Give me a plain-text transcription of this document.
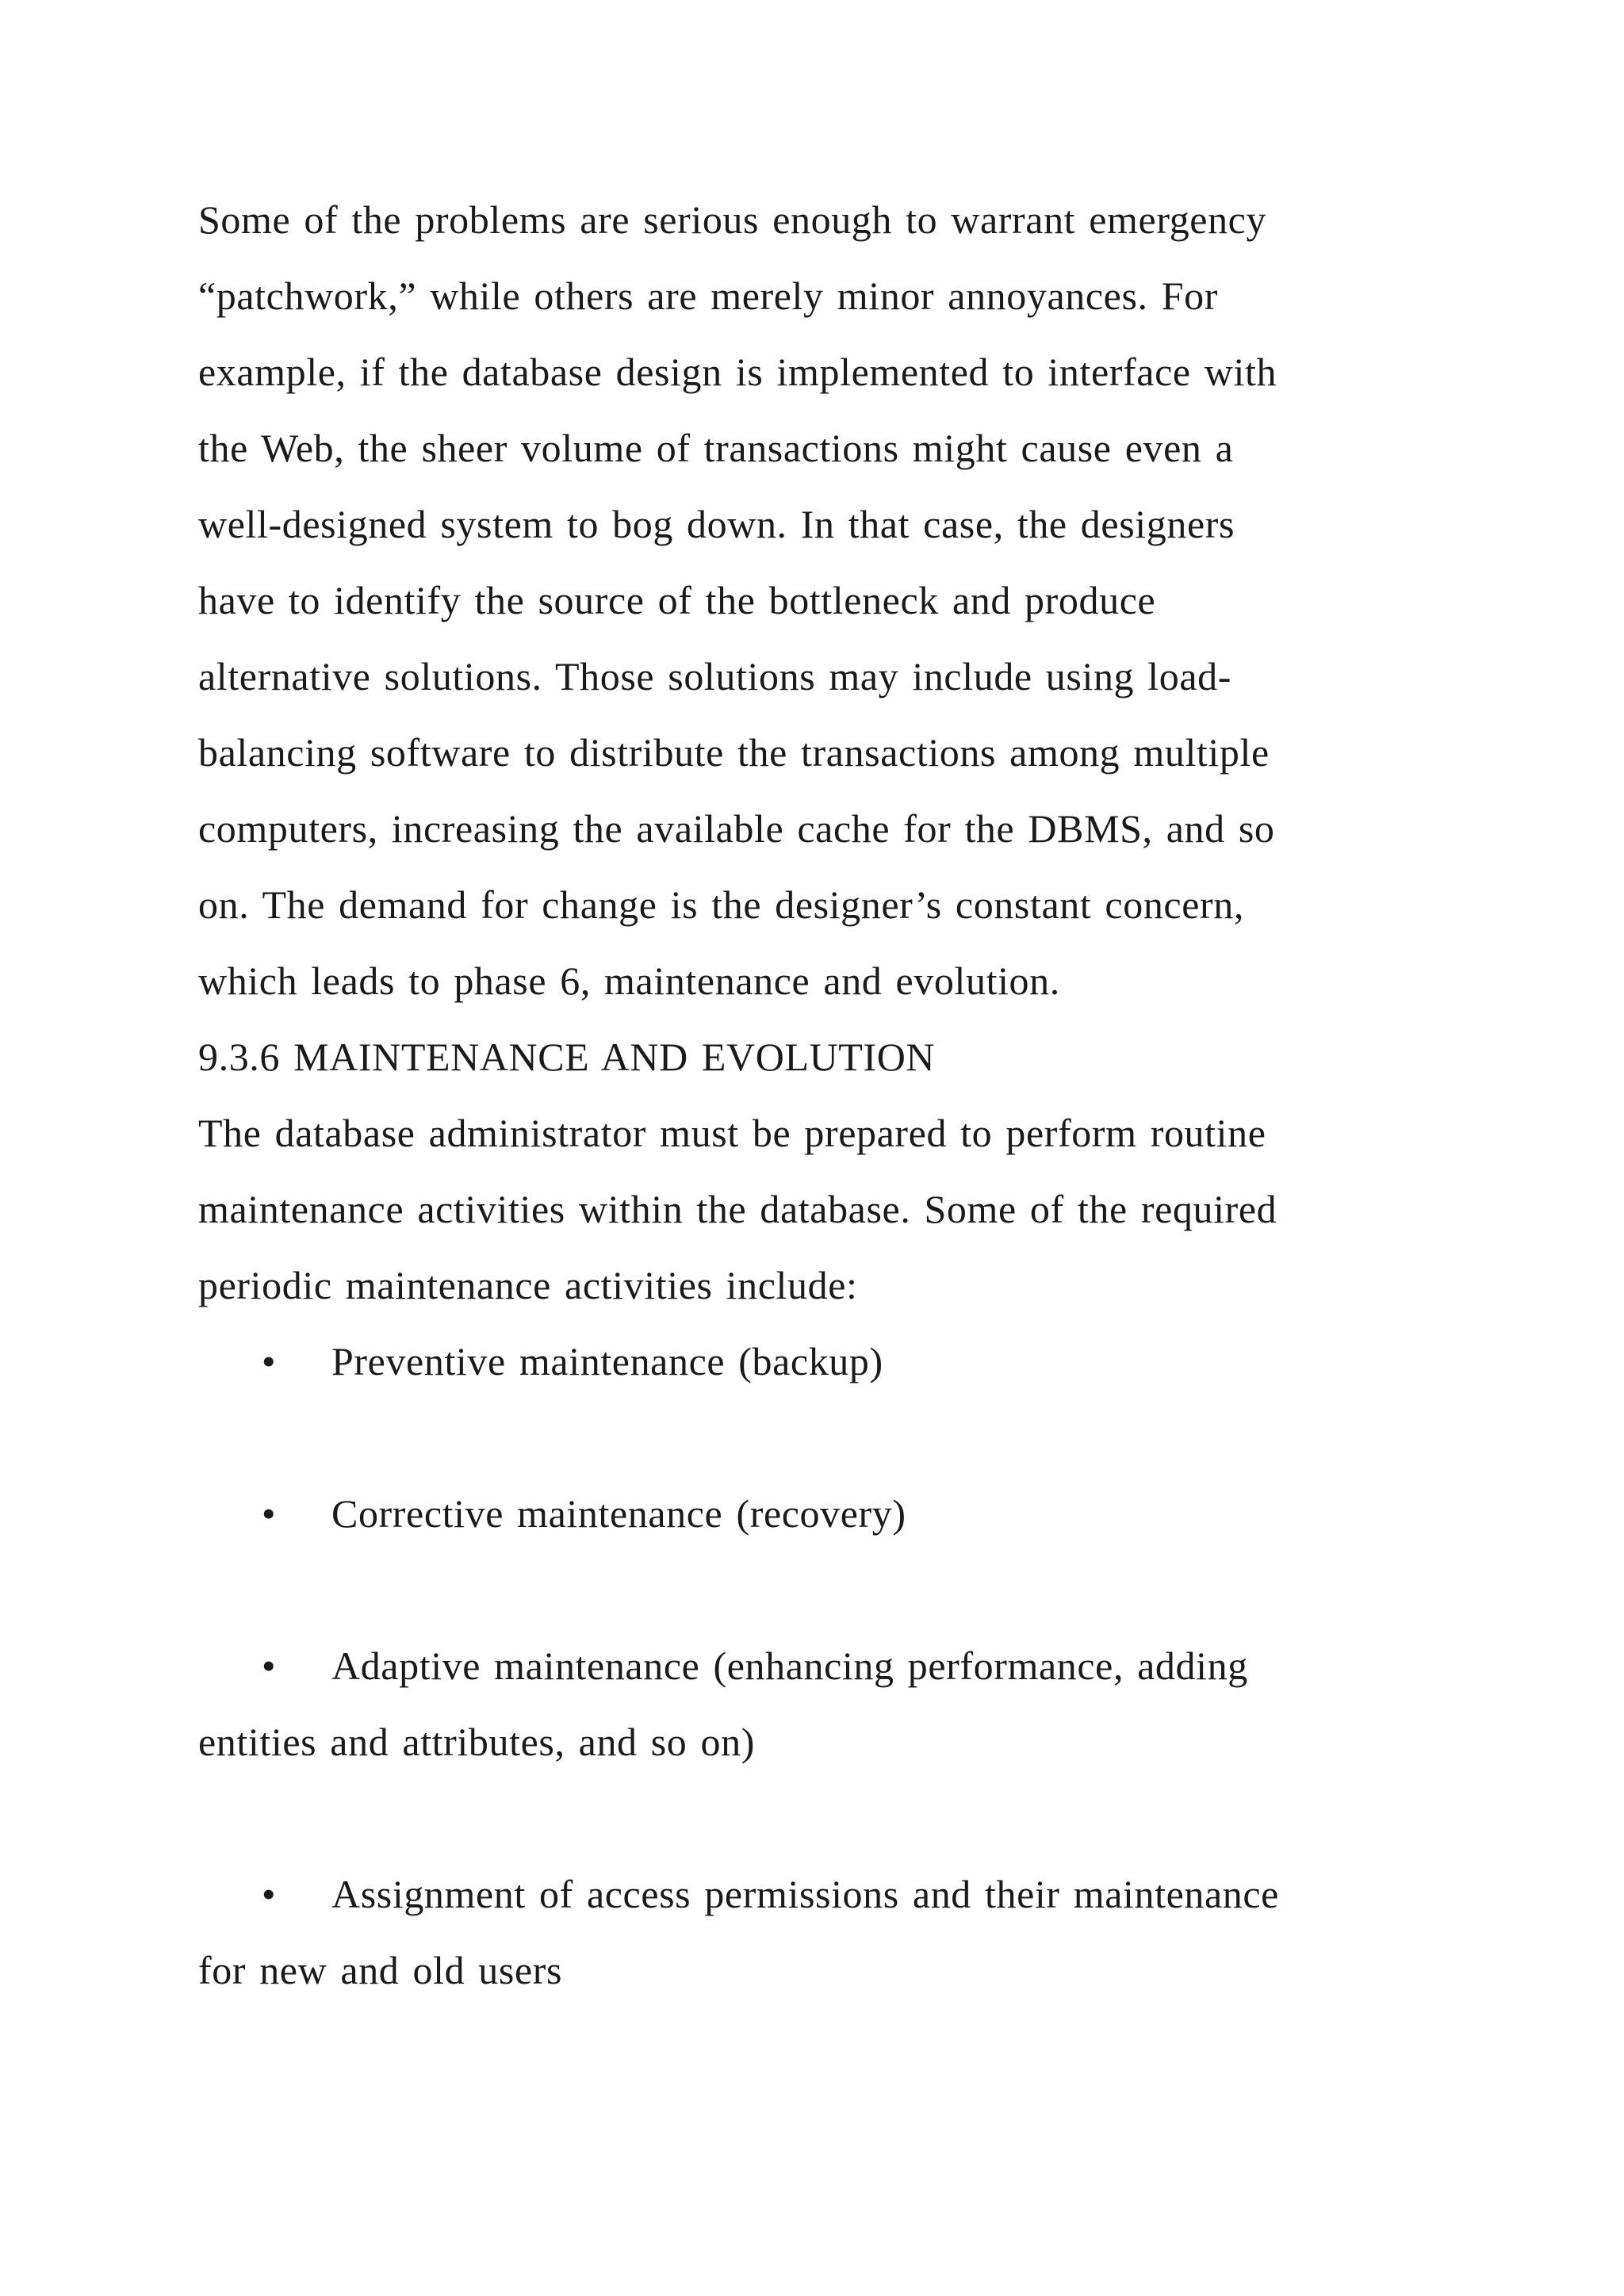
Some of the problems are serious enough to warrant emergency
“patchwork,” while others are merely minor annoyances. For
example, if the database design is implemented to interface with
the Web, the sheer volume of transactions might cause even a
well-designed system to bog down. In that case, the designers
have to identify the source of the bottleneck and produce
alternative solutions. Those solutions may include using load-
balancing software to distribute the transactions among multiple
computers, increasing the available cache for the DBMS, and so
on. The demand for change is the designer’s constant concern,
which leads to phase 6, maintenance and evolution.
9.3.6 MAINTENANCE AND EVOLUTION
The database administrator must be prepared to perform routine
maintenance activities within the database. Some of the required
periodic maintenance activities include:
• Preventive maintenance (backup)
• Corrective maintenance (recovery)
• Adaptive maintenance (enhancing performance, adding
entities and attributes, and so on)
• Assignment of access permissions and their maintenance
for new and old users
